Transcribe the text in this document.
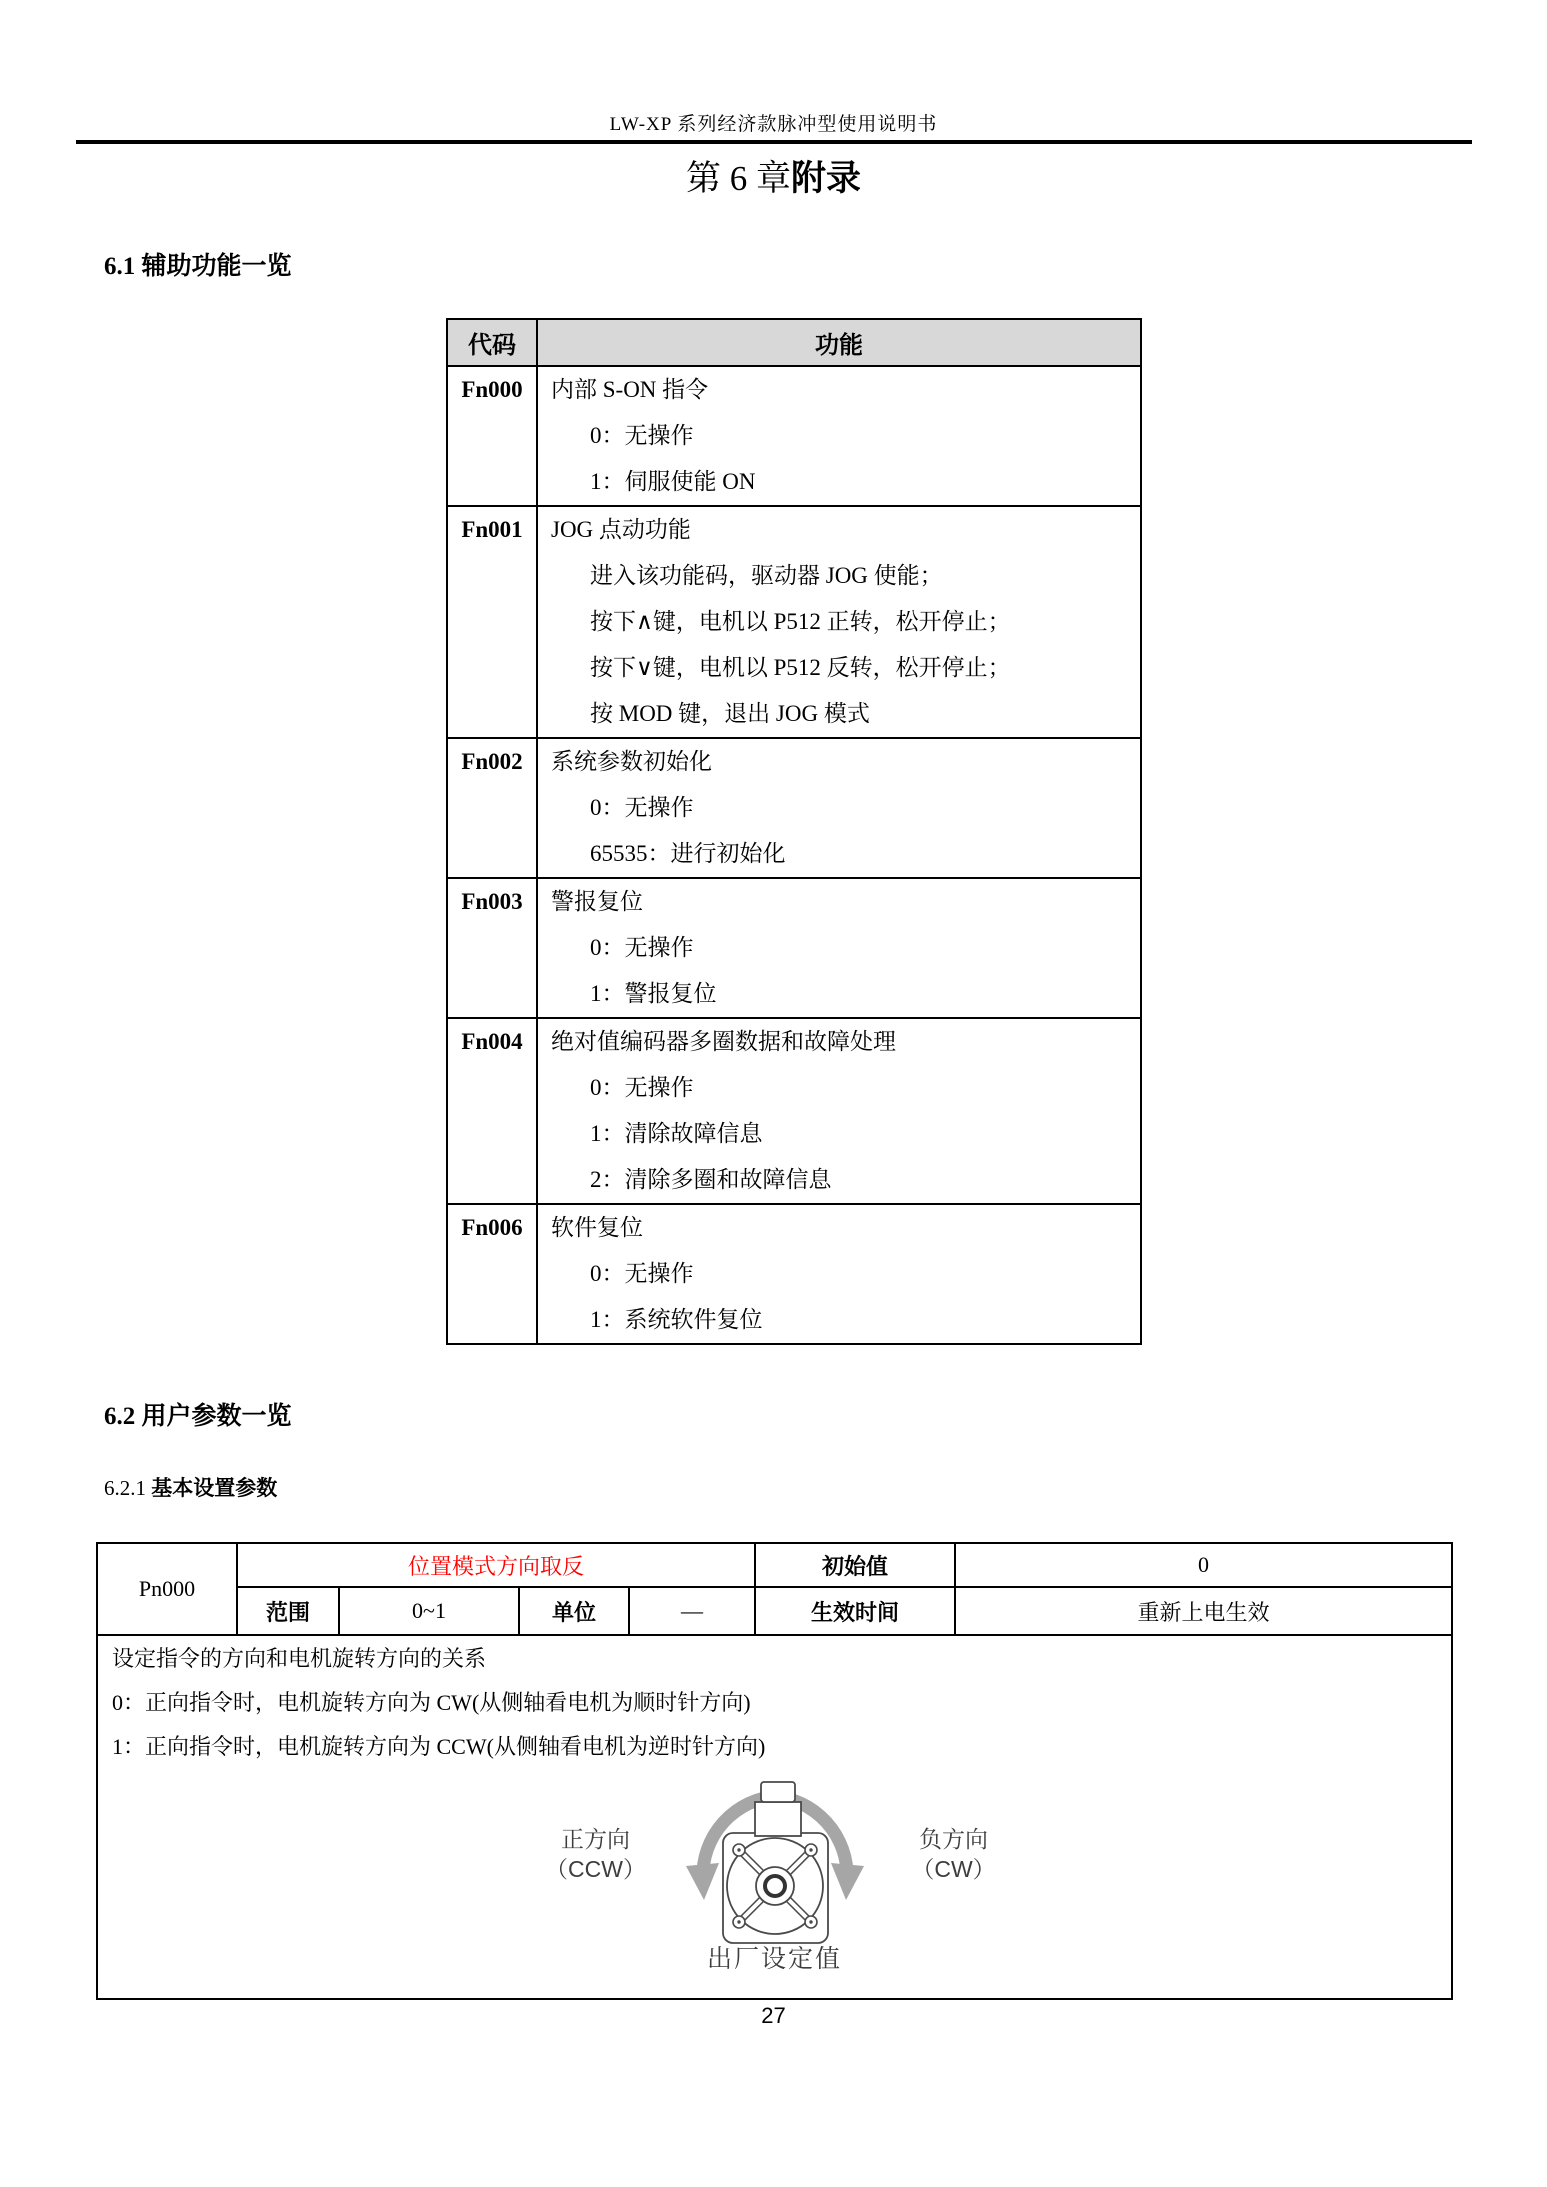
LW-XP 系列经济款脉冲型使用说明书
第 6 章附录
6.1 辅助功能一览
代码	功能

Fn000	内部 S-ON 指令
0：无操作
1：伺服使能 ON

Fn001	JOG 点动功能
进入该功能码，驱动器 JOG 使能；
按下∧键，电机以 P512 正转，松开停止；
按下∨键，电机以 P512 反转，松开停止；
按 MOD 键，退出 JOG 模式

Fn002	系统参数初始化
0：无操作
65535：进行初始化

Fn003	警报复位
0：无操作
1：警报复位

Fn004	绝对值编码器多圈数据和故障处理
0：无操作
1：清除故障信息
2：清除多圈和故障信息

Fn006	软件复位
0：无操作
1：系统软件复位
6.2 用户参数一览
6.2.1 基本设置参数
Pn000	位置模式方向取反				初始值	0
	范围	0~1	单位	—	生效时间	重新上电生效

设定指令的方向和电机旋转方向的关系
0：正向指令时，电机旋转方向为 CW(从侧轴看电机为顺时针方向)
1：正向指令时，电机旋转方向为 CCW(从侧轴看电机为逆时针方向)
正方向
（CCW）
负方向
（CW）
出厂设定值
27
